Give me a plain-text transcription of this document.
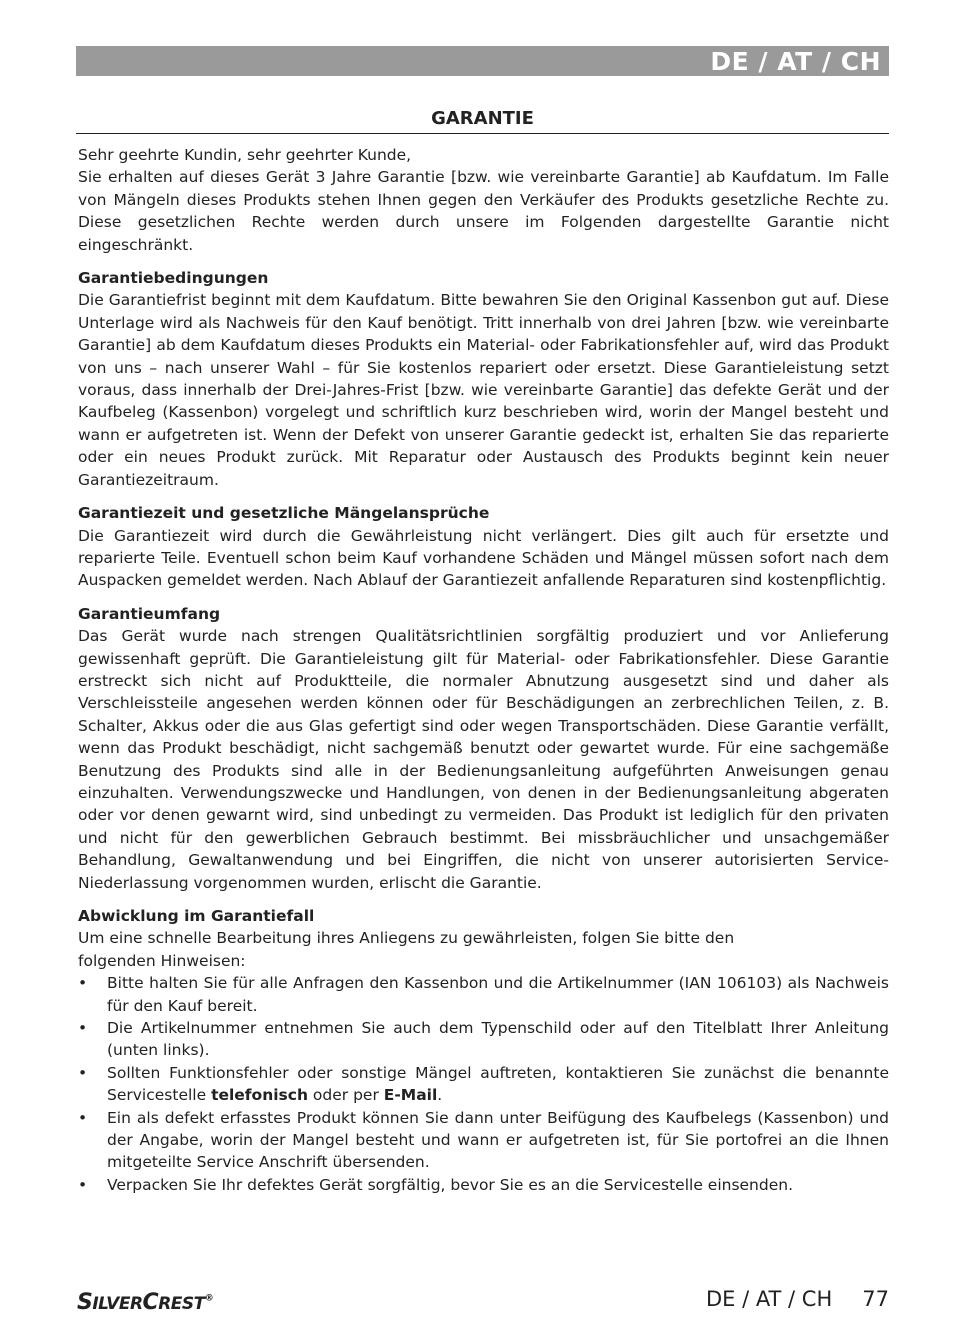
DE / AT / CH
GARANTIE

Sehr geehrte Kundin, sehr geehrter Kunde,

Sie erhalten auf dieses Gerät 3 Jahre Garantie [bzw. wie vereinbarte Garantie] ab Kaufdatum. Im Falle von Mängeln dieses Produkts stehen Ihnen gegen den Verkäufer des Produkts gesetzliche Rechte zu. Diese gesetzlichen Rechte werden durch unsere im Folgenden dargestellte Garantie nicht eingeschränkt.

Garantiebedingungen

Die Garantiefrist beginnt mit dem Kaufdatum. Bitte bewahren Sie den Original Kassenbon gut auf. Diese Unterlage wird als Nachweis für den Kauf benötigt. Tritt innerhalb von drei Jahren [bzw. wie vereinbarte Garantie] ab dem Kaufdatum dieses Produkts ein Material- oder Fabrikationsfehler auf, wird das Produkt von uns – nach unserer Wahl – für Sie kostenlos repariert oder ersetzt. Diese Garantieleistung setzt voraus, dass innerhalb der Drei-Jahres-Frist [bzw. wie vereinbarte Garantie] das defekte Gerät und der Kaufbeleg (Kassenbon) vorgelegt und schriftlich kurz beschrieben wird, worin der Mangel besteht und wann er aufgetreten ist. Wenn der Defekt von unserer Garantie gedeckt ist, erhalten Sie das reparierte oder ein neues Produkt zurück. Mit Reparatur oder Austausch des Produkts beginnt kein neuer Garantiezeitraum.

Garantiezeit und gesetzliche Mängelansprüche

Die Garantiezeit wird durch die Gewährleistung nicht verlängert. Dies gilt auch für ersetzte und reparierte Teile. Eventuell schon beim Kauf vorhandene Schäden und Mängel müssen sofort nach dem Auspacken gemeldet werden. Nach Ablauf der Garantiezeit anfallende Reparaturen sind kostenpflichtig.

Garantieumfang

Das Gerät wurde nach strengen Qualitätsrichtlinien sorgfältig produziert und vor Anlieferung gewissenhaft geprüft. Die Garantieleistung gilt für Material- oder Fabrikationsfehler. Diese Garantie erstreckt sich nicht auf Produktteile, die normaler Abnutzung ausgesetzt sind und daher als Verschleissteile angesehen werden können oder für Beschädigungen an zerbrechlichen Teilen, z. B. Schalter, Akkus oder die aus Glas gefertigt sind oder wegen Transportschäden. Diese Garantie verfällt, wenn das Produkt beschädigt, nicht sachgemäß benutzt oder gewartet wurde. Für eine sachgemäße Benutzung des Produkts sind alle in der Bedienungsanleitung aufgeführten Anweisungen genau einzuhalten. Verwendungszwecke und Handlungen, von denen in der Bedienungsanleitung abgeraten oder vor denen gewarnt wird, sind unbedingt zu vermeiden. Das Produkt ist lediglich für den privaten und nicht für den gewerblichen Gebrauch bestimmt. Bei missbräuchlicher und unsachgemäßer Behandlung, Gewaltanwendung und bei Eingriffen, die nicht von unserer autorisierten Service-Niederlassung vorgenommen wurden, erlischt die Garantie.

Abwicklung im Garantiefall

Um eine schnelle Bearbeitung ihres Anliegens zu gewährleisten, folgen Sie bitte den

folgenden Hinweisen:

• Bitte halten Sie für alle Anfragen den Kassenbon und die Artikelnummer (IAN 106103) als Nachweis für den Kauf bereit.
• Die Artikelnummer entnehmen Sie auch dem Typenschild oder auf den Titelblatt Ihrer Anleitung (unten links).
• Sollten Funktionsfehler oder sonstige Mängel auftreten, kontaktieren Sie zunächst die benannte Servicestelle telefonisch oder per E-Mail.
• Ein als defekt erfasstes Produkt können Sie dann unter Beifügung des Kaufbelegs (Kassenbon) und der Angabe, worin der Mangel besteht und wann er aufgetreten ist, für Sie portofrei an die Ihnen mitgeteilte Service Anschrift übersenden.
• Verpacken Sie Ihr defektes Gerät sorgfältig, bevor Sie es an die Servicestelle einsenden.
SILVERCREST®	DE / AT / CH 77
